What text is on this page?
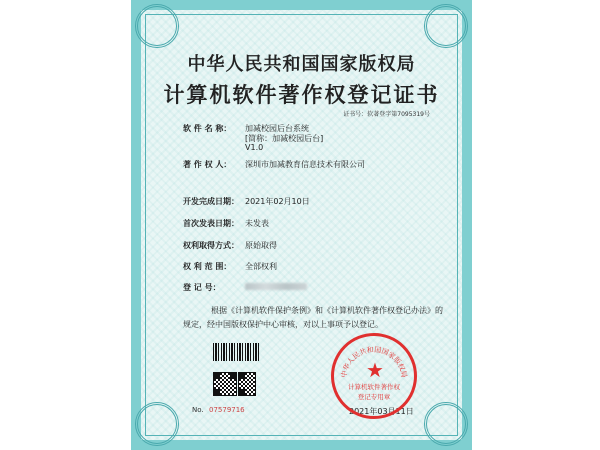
中华人民共和国国家版权局
计算机软件著作权登记证书
证书号：软著登字第7095319号
软 件 名 称： 加减校园后台系统
[简称：加减校园后台]
V1.0
著 作 权 人： 深圳市加减教育信息技术有限公司
开发完成日期： 2021年02月10日
首次发表日期： 未发表
权利取得方式： 原始取得
权 利 范 围： 全部权利
登 记 号：
根据《计算机软件保护条例》和《计算机软件著作权登记办法》的
规定，经中国版权保护中心审核，对以上事项予以登记。
No. 07579716	2021年03月11日
中华人民共和国国家版权局
★
计算机软件著作权
登记专用章
